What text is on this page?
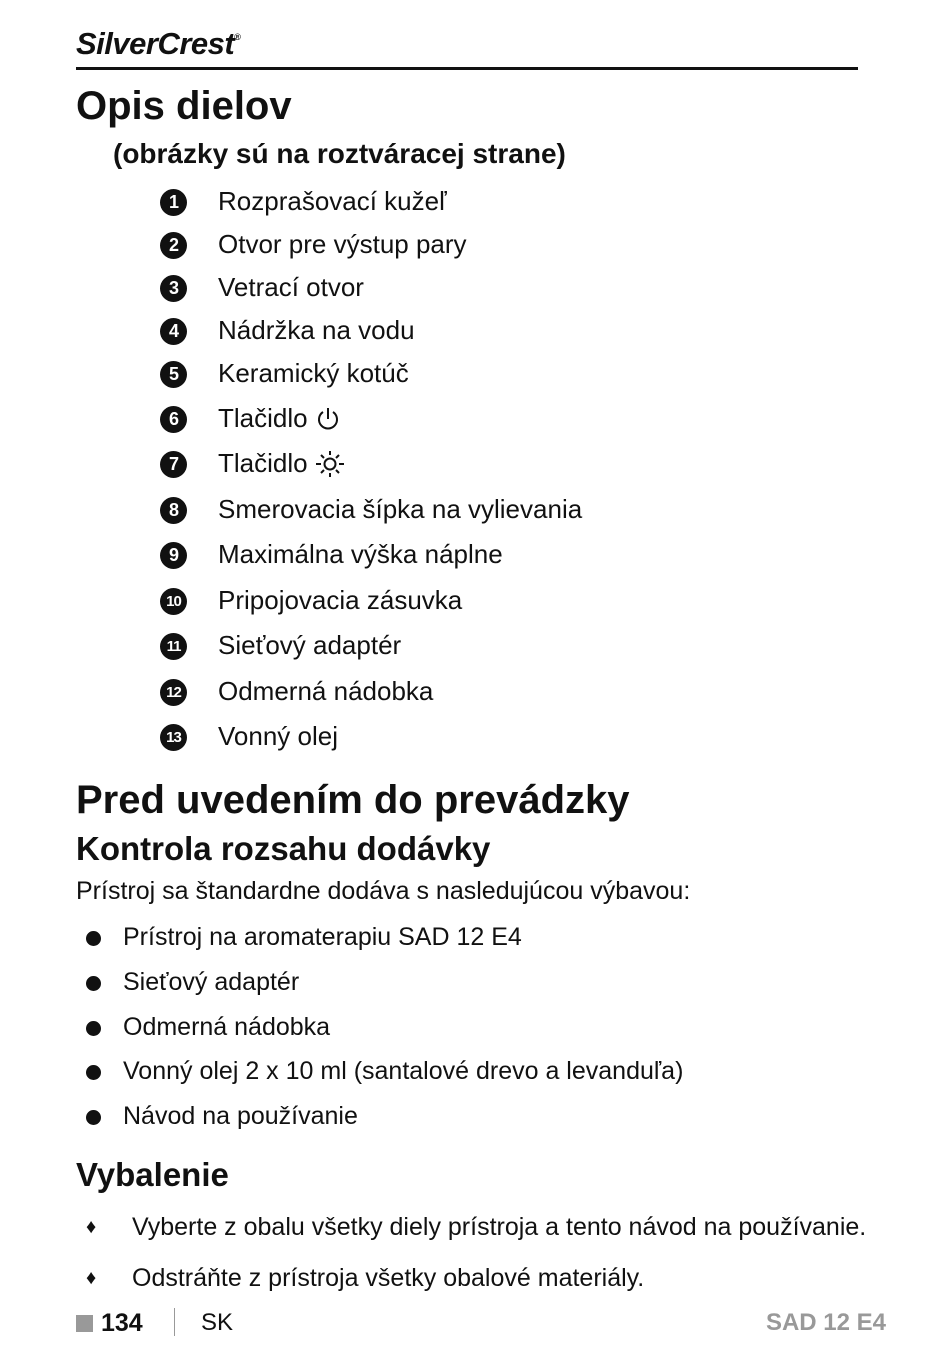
SilverCrest®
Opis dielov
(obrázky sú na roztváracej strane)
1	Rozprašovací kužeľ
2	Otvor pre výstup pary
3	Vetrací otvor
4	Nádržka na vodu
5	Keramický kotúč
6	Tlačidlo
7	Tlačidlo
8	Smerovacia šípka na vylievania
9	Maximálna výška náplne
10 Pripojovacia zásuvka
11 Sieťový adaptér
12 Odmerná nádobka
13 Vonný olej
Pred uvedením do prevádzky
Kontrola rozsahu dodávky
Prístroj sa štandardne dodáva s nasledujúcou výbavou:
Prístroj na aromaterapiu SAD 12 E4
Sieťový adaptér
Odmerná nádobka
Vonný olej 2 x 10 ml (santalové drevo a levanduľa)
Návod na používanie
Vybalenie
♦ Vyberte z obalu všetky diely prístroja a tento návod na používanie.
♦ Odstráňte z prístroja všetky obalové materiály.
134 SK	SAD 12 E4
